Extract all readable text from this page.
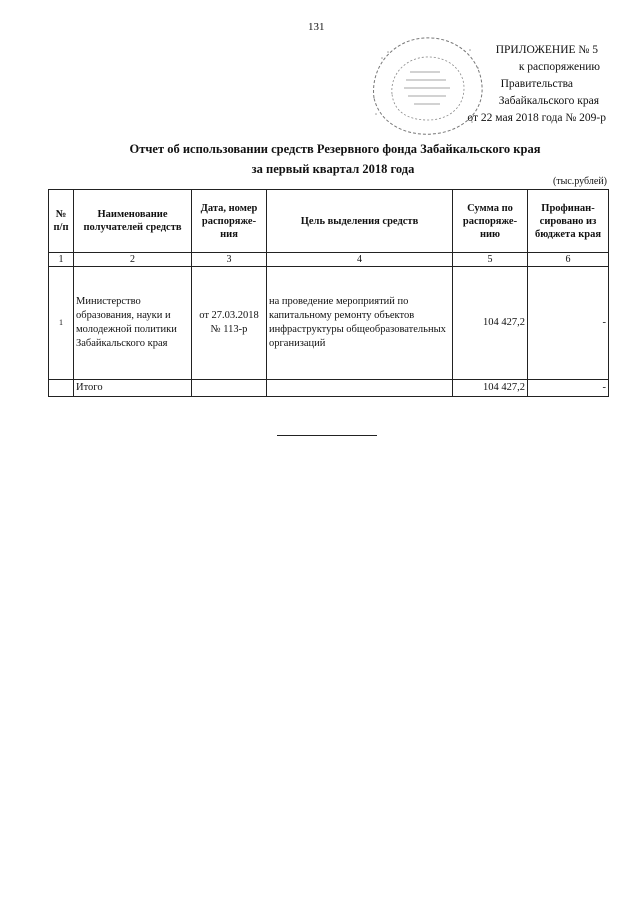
131
ПРИЛОЖЕНИЕ № 5
к распоряжению
Правительства
Забайкальского края
от 22 мая 2018 года № 209-р
Отчет об использовании средств Резервного фонда Забайкальского края
за первый квартал 2018 года
(тыс.рублей)
№ п/п	Наименование получателей средств	Дата, номер распоряже-ния	Цель выделения средств	Сумма по распоряже-нию	Профинан-сировано из бюджета края
1	2	3	4	5	6
1	Министерство образования, науки и молодежной политики Забайкальского края	от 27.03.2018 № 113-р	на проведение мероприятий по капитальному ремонту объектов инфраструктуры общеобразовательных организаций	104 427,2	-
	Итого			104 427,2	-
